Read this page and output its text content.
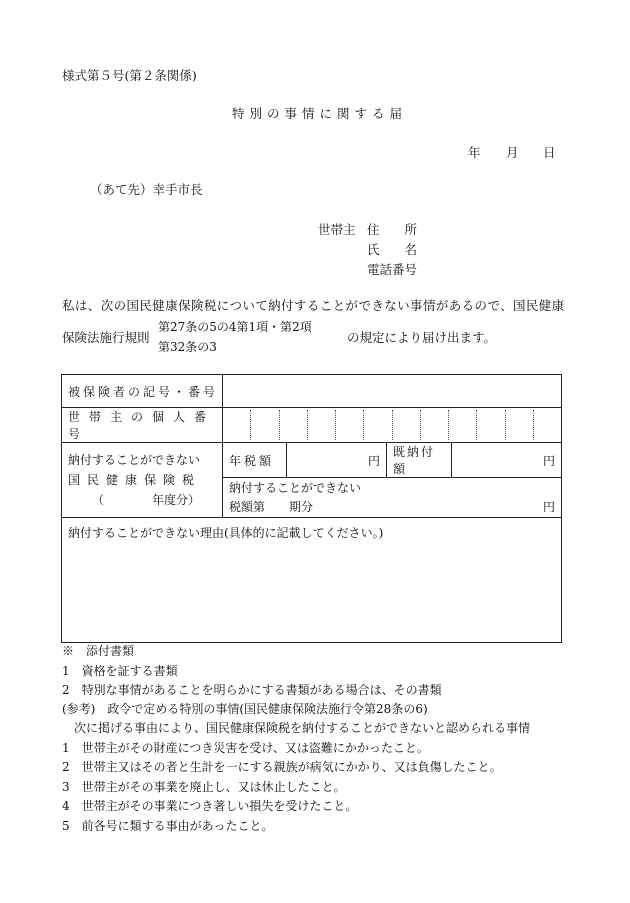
様式第５号(第２条関係)
特別の事情に関する届
年 月 日
（あて先）幸手市長
世帯主 住　　所
氏　　名
電話番号
私は、次の国民健康保険税について納付することができない事情があるので、国民健康
保険法施行規則
第27条の5の4第1項・第2項
第32条の3
の規定により届け出ます。
被保険者の記号・番号				
世帯主の個人番号				

納付することができない
国民健康保険税
（　　　　年度分）	年税額	円	既納付額	円

	納付することができない
税額第　　期分 円			

納付することができない理由(具体的に記載してください。)				
※　添付書類
1　資格を証する書類
2　特別な事情があることを明らかにする書類がある場合は、その書類
(参考)　政令で定める特別の事情(国民健康保険法施行令第28条の6)
次に掲げる事由により、国民健康保険税を納付することができないと認められる事情
1　世帯主がその財産につき災害を受け、又は盗難にかかったこと。
2　世帯主又はその者と生計を一にする親族が病気にかかり、又は負傷したこと。
3　世帯主がその事業を廃止し、又は休止したこと。
4　世帯主がその事業につき著しい損失を受けたこと。
5　前各号に類する事由があったこと。
